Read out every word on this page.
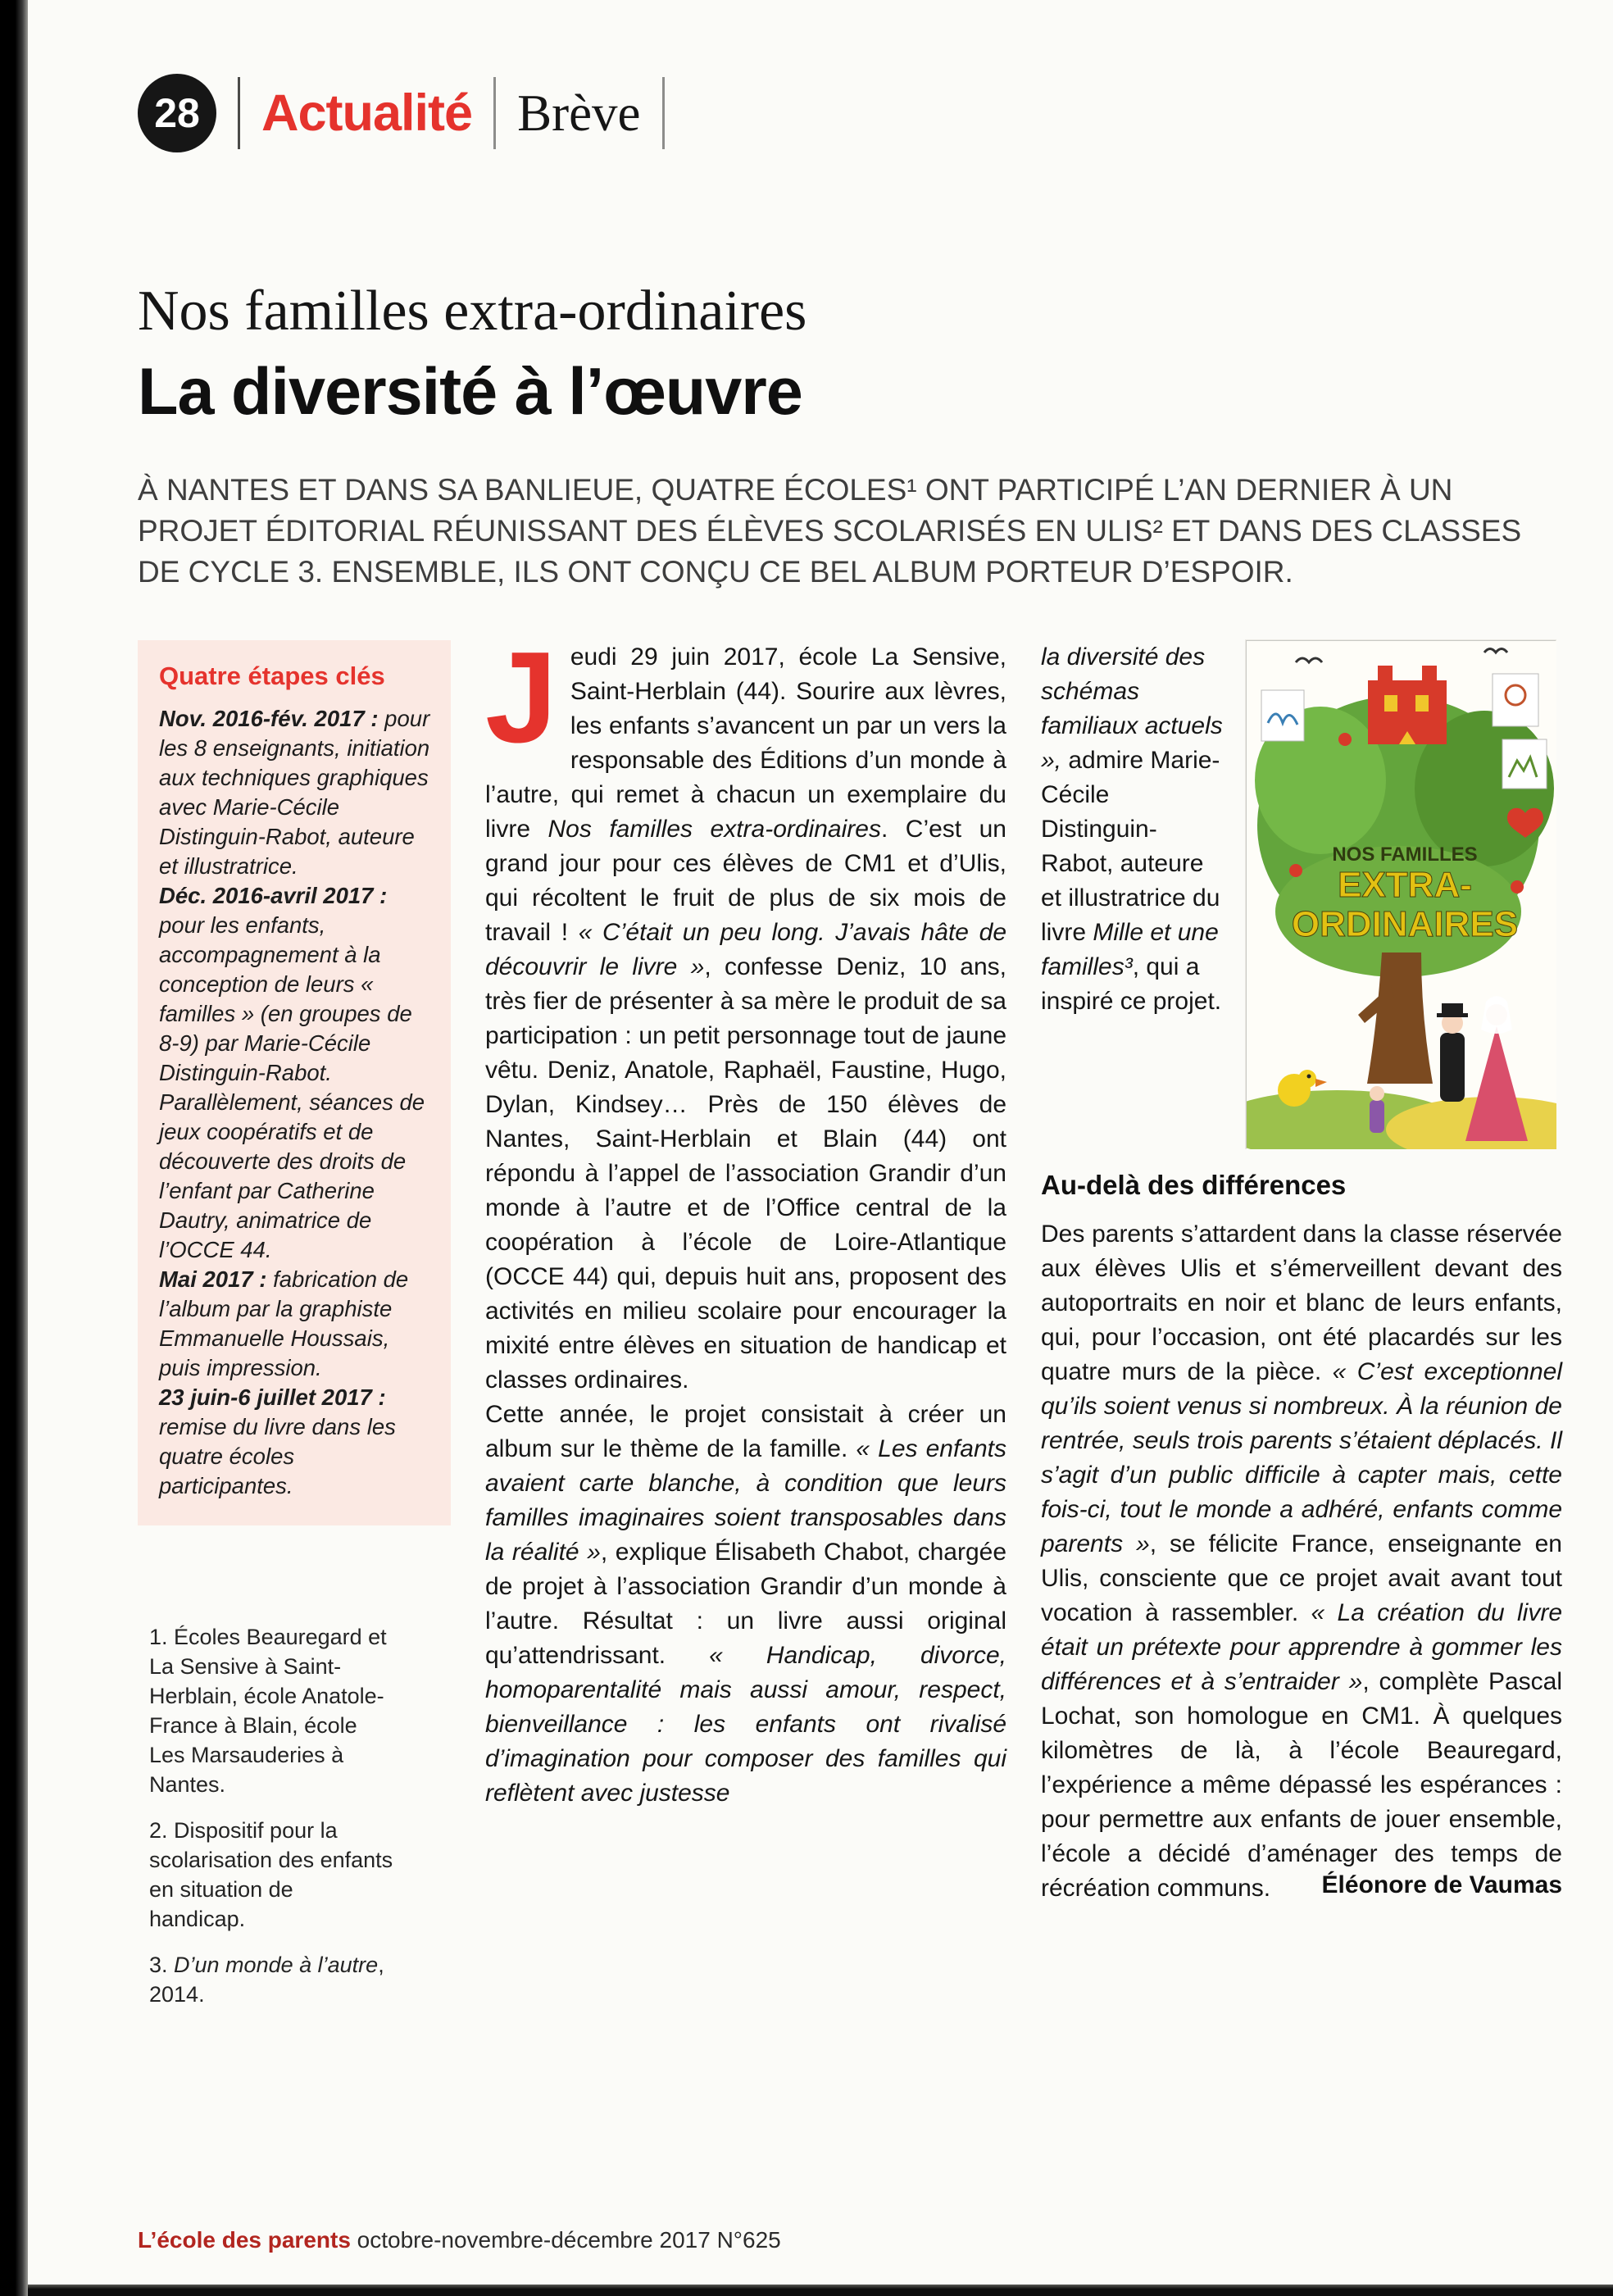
28 Actualité Brève
Nos familles extra-ordinaires
La diversité à l’œuvre

À NANTES ET DANS SA BANLIEUE, QUATRE ÉCOLES¹ ONT PARTICIPÉ L’AN DERNIER À UN PROJET ÉDITORIAL RÉUNISSANT DES ÉLÈVES SCOLARISÉS EN ULIS² ET DANS DES CLASSES DE CYCLE 3. ENSEMBLE, ILS ONT CONÇU CE BEL ALBUM PORTEUR D’ESPOIR.

Quatre étapes clés

Nov. 2016-fév. 2017 : pour les 8 enseignants, initiation aux techniques graphiques avec Marie-Cécile Distinguin-Rabot, auteure et illustratrice.

Déc. 2016-avril 2017 : pour les enfants, accompagnement à la conception de leurs « familles » (en groupes de 8-9) par Marie-Cécile Distinguin-Rabot. Parallèlement, séances de jeux coopératifs et de découverte des droits de l’enfant par Catherine Dautry, animatrice de l’OCCE 44.

Mai 2017 : fabrication de l’album par la graphiste Emmanuelle Houssais, puis impression.

23 juin-6 juillet 2017 : remise du livre dans les quatre écoles participantes.

1. Écoles Beauregard et La Sensive à Saint-Herblain, école Anatole-France à Blain, école Les Marsauderies à Nantes.

2. Dispositif pour la scolarisation des enfants en situation de handicap.

3. D’un monde à l’autre, 2014.

Jeudi 29 juin 2017, école La Sensive, Saint-Herblain (44). Sourire aux lèvres, les enfants s’avancent un par un vers la responsable des Éditions d’un monde à l’autre, qui remet à chacun un exemplaire du livre Nos familles extra-ordinaires. C’est un grand jour pour ces élèves de CM1 et d’Ulis, qui récoltent le fruit de plus de six mois de travail ! « C’était un peu long. J’avais hâte de découvrir le livre », confesse Deniz, 10 ans, très fier de présenter à sa mère le produit de sa participation : un petit personnage tout de jaune vêtu. Deniz, Anatole, Raphaël, Faustine, Hugo, Dylan, Kindsey… Près de 150 élèves de Nantes, Saint-Herblain et Blain (44) ont répondu à l’appel de l’association Grandir d’un monde à l’autre et de l’Office central de la coopération à l’école de Loire-Atlantique (OCCE 44) qui, depuis huit ans, proposent des activités en milieu scolaire pour encourager la mixité entre élèves en situation de handicap et classes ordinaires.

Cette année, le projet consistait à créer un album sur le thème de la famille. « Les enfants avaient carte blanche, à condition que leurs familles imaginaires soient transposables dans la réalité », explique Élisabeth Chabot, chargée de projet à l’association Grandir d’un monde à l’autre. Résultat : un livre aussi original qu’attendrissant. « Handicap, divorce, homoparentalité mais aussi amour, respect, bienveillance : les enfants ont rivalisé d’imagination pour composer des familles qui reflètent avec justesse

la diversité des schémas familiaux actuels », admire Marie-Cécile Distinguin-Rabot, auteure et illustratrice du livre Mille et une familles³, qui a inspiré ce projet.

NOS FAMILLES
EXTRA-
ORDINAIRES
Au-delà des différences

Des parents s’attardent dans la classe réservée aux élèves Ulis et s’émerveillent devant des autoportraits en noir et blanc de leurs enfants, qui, pour l’occasion, ont été placardés sur les quatre murs de la pièce. « C’est exceptionnel qu’ils soient venus si nombreux. À la réunion de rentrée, seuls trois parents s’étaient déplacés. Il s’agit d’un public difficile à capter mais, cette fois-ci, tout le monde a adhéré, enfants comme parents », se félicite France, enseignante en Ulis, consciente que ce projet avait avant tout vocation à rassembler. « La création du livre était un prétexte pour apprendre à gommer les différences et à s’entraider », complète Pascal Lochat, son homologue en CM1. À quelques kilomètres de là, à l’école Beauregard, l’expérience a même dépassé les espérances : pour permettre aux enfants de jouer ensemble, l’école a décidé d’aménager des temps de récréation communs.	Éléonore de Vaumas

L’école des parents octobre-novembre-décembre 2017 N°625
